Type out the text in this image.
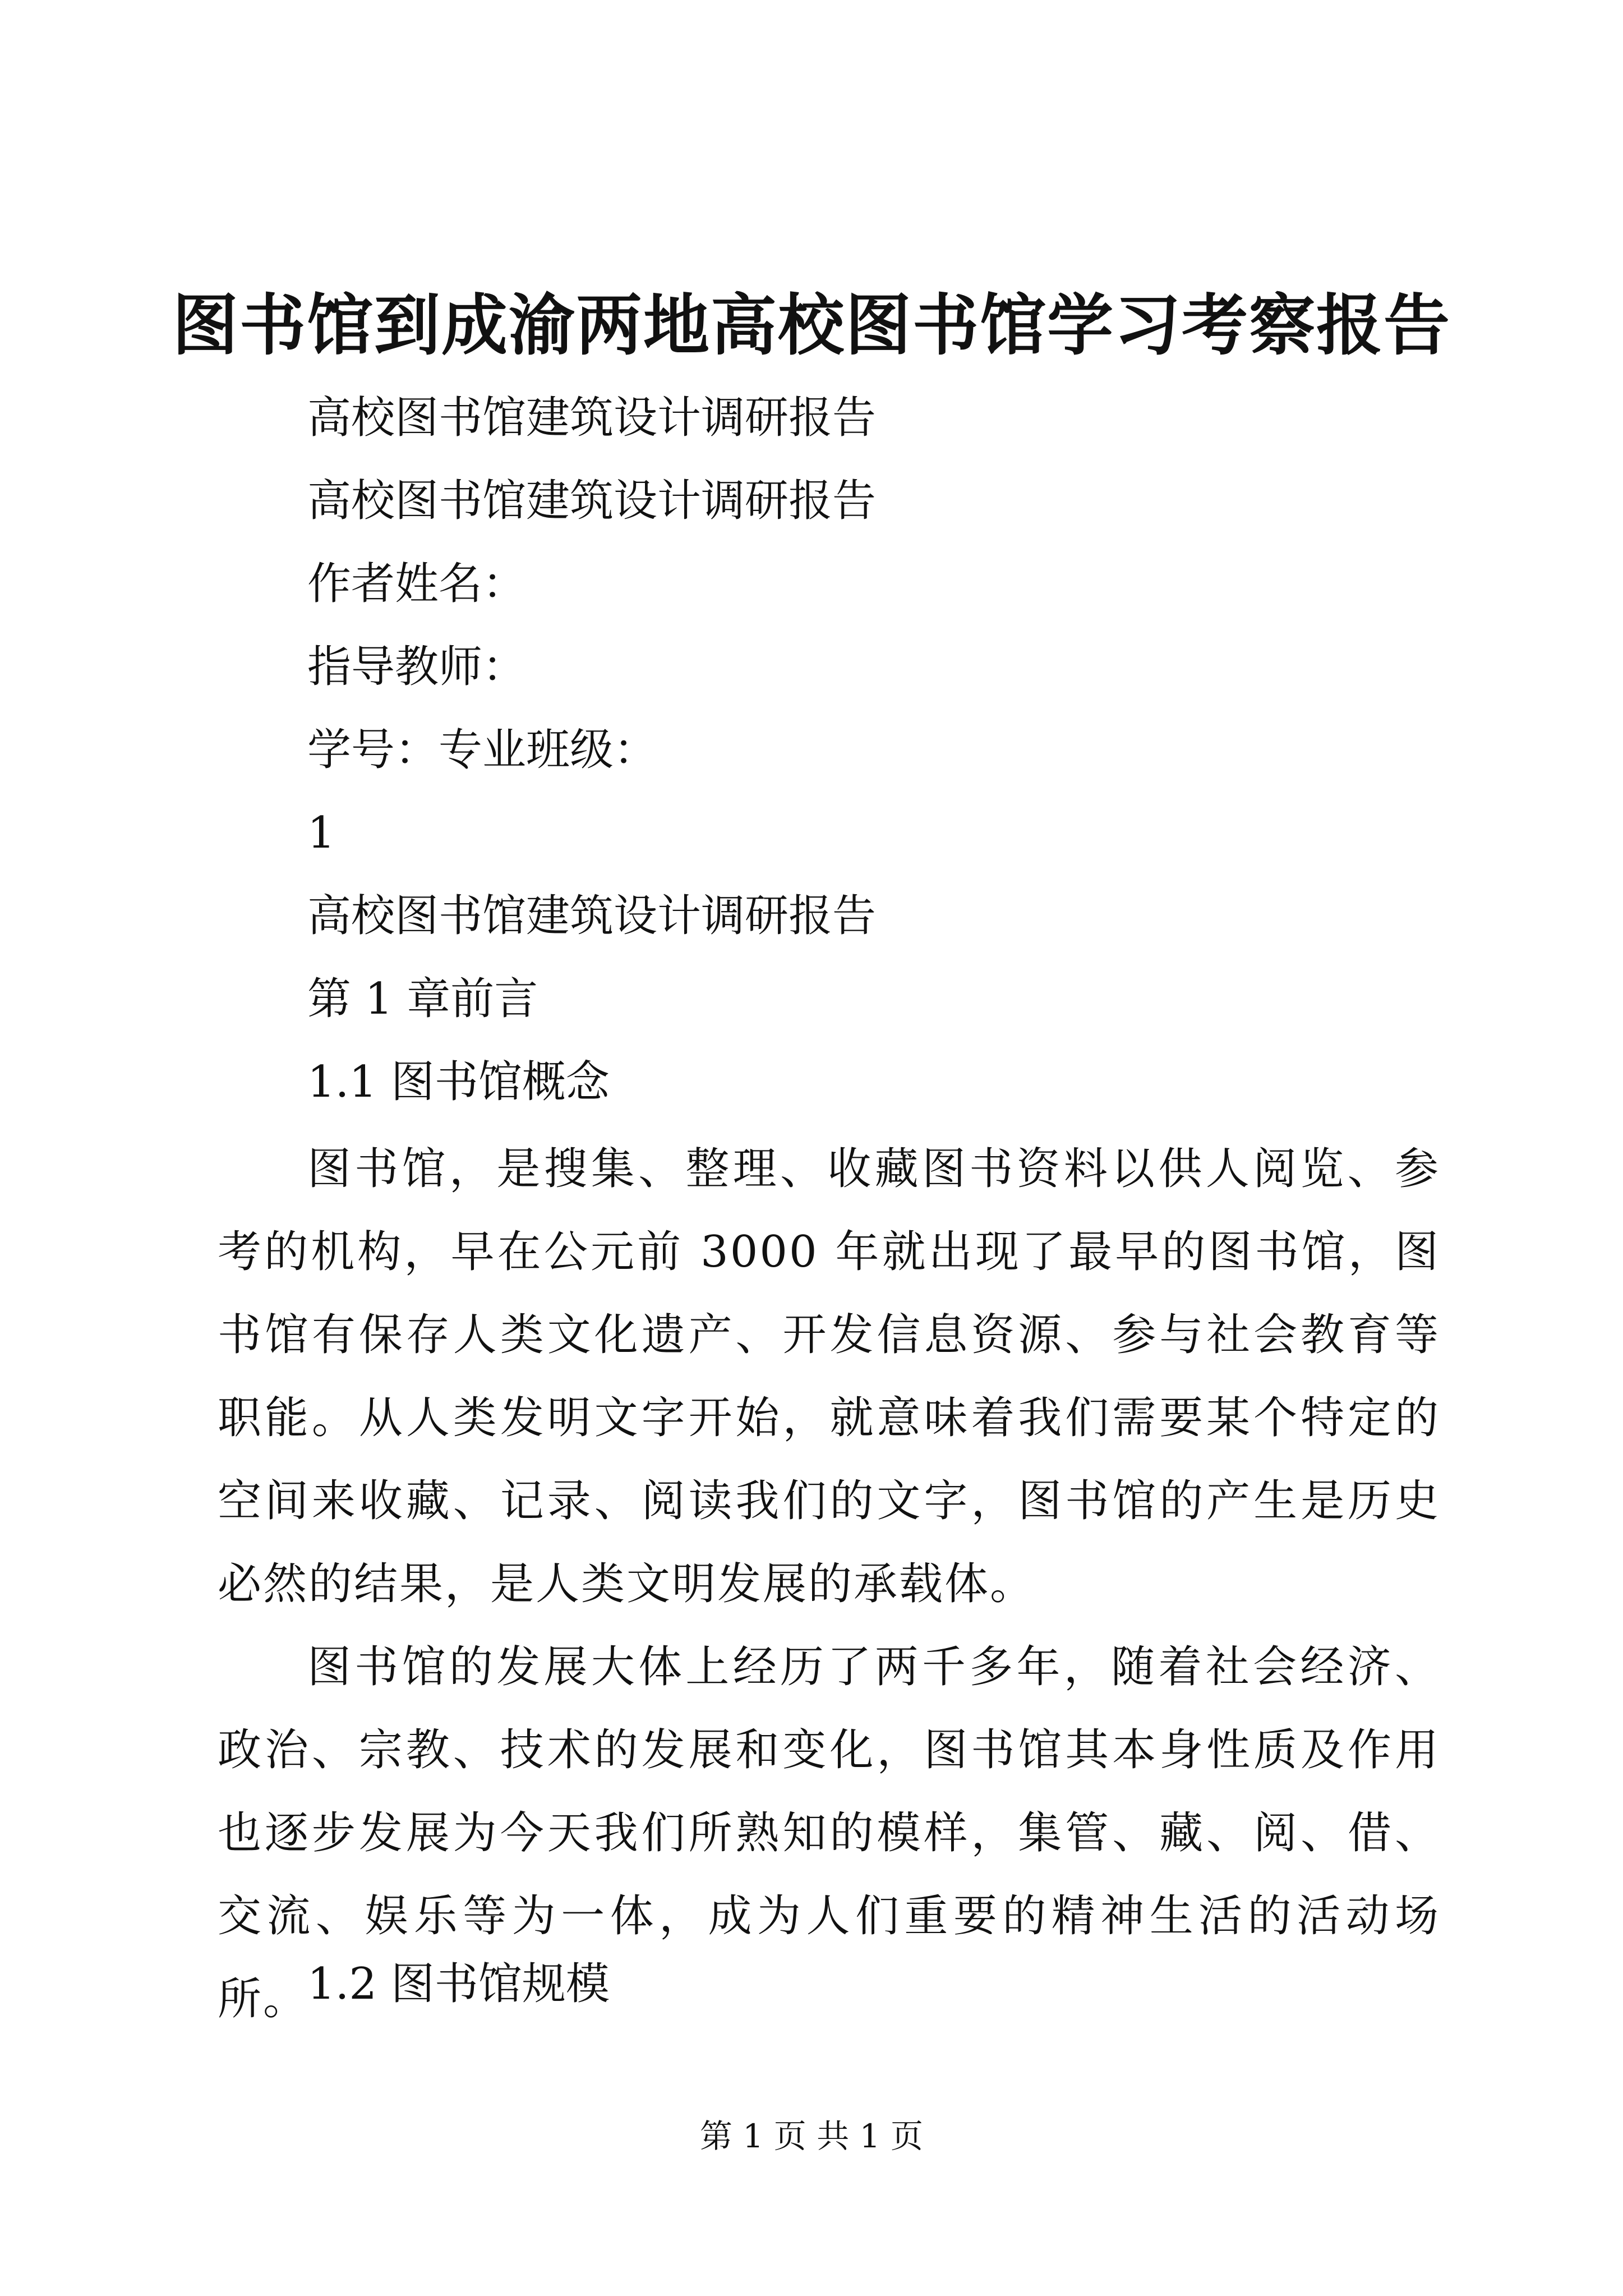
图书馆到成渝两地高校图书馆学习考察报告

高校图书馆建筑设计调研报告

高校图书馆建筑设计调研报告

作者姓名：

指导教师：

学号：专业班级：

1

高校图书馆建筑设计调研报告

第 1 章前言

1.1 图书馆概念

图书馆，是搜集、整理、收藏图书资料以供人阅览、参考的机构，早在公元前 3000 年就出现了最早的图书馆，图书馆有保存人类文化遗产、开发信息资源、参与社会教育等职能。从人类发明文字开始，就意味着我们需要某个特定的空间来收藏、记录、阅读我们的文字，图书馆的产生是历史必然的结果，是人类文明发展的承载体。

图书馆的发展大体上经历了两千多年，随着社会经济、政治、宗教、技术的发展和变化，图书馆其本身性质及作用也逐步发展为今天我们所熟知的模样，集管、藏、阅、借、交流、娱乐等为一体，成为人们重要的精神生活的活动场所。

1.2 图书馆规模

第 1 页 共 1 页
